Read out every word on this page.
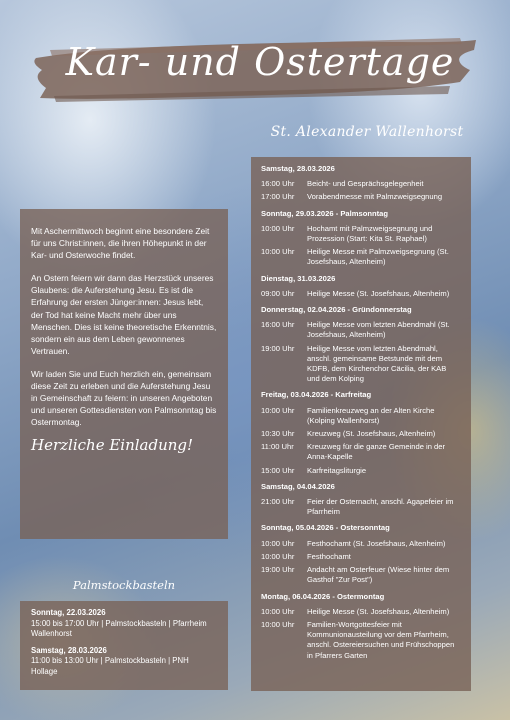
Kar- und Ostertage
St. Alexander Wallenhorst

Mit Aschermittwoch beginnt eine besondere Zeit für uns Christ:innen, die ihren Höhepunkt in der Kar- und Osterwoche findet.

An Ostern feiern wir dann das Herzstück unseres Glaubens: die Auferstehung Jesu. Es ist die Erfahrung der ersten Jünger:innen: Jesus lebt, der Tod hat keine Macht mehr über uns Menschen. Dies ist keine theoretische Erkenntnis, sondern ein aus dem Leben gewonnenes Vertrauen.

Wir laden Sie und Euch herzlich ein, gemeinsam diese Zeit zu erleben und die Auferstehung Jesu in Gemeinschaft zu feiern: in unseren Angeboten und unseren Gottesdiensten von Palmsonntag bis Ostermontag.

Herzliche Einladung!
Palmstockbasteln
Sonntag, 22.03.2026
15:00 bis 17:00 Uhr | Palmstockbasteln | Pfarrheim Wallenhorst
Samstag, 28.03.2026
11:00 bis 13:00 Uhr | Palmstockbasteln | PNH Hollage
Samstag, 28.03.2026
16:00 Uhr	Beicht- und Gesprächsgelegenheit
17:00 Uhr	Vorabendmesse mit Palmzweigsegnung
Sonntag, 29.03.2026 - Palmsonntag
10:00 Uhr	Hochamt mit Palmzweigsegnung und Prozession (Start: Kita St. Raphael)
10:00 Uhr	Heilige Messe mit Palmzweigsegnung (St. Josefshaus, Altenheim)
Dienstag, 31.03.2026
09:00 Uhr	Heilige Messe (St. Josefshaus, Altenheim)
Donnerstag, 02.04.2026 - Gründonnerstag
16:00 Uhr	Heilige Messe vom letzten Abendmahl (St. Josefshaus, Altenheim)
19:00 Uhr	Heilige Messe vom letzten Abendmahl, anschl. gemeinsame Betstunde mit dem KDFB, dem Kirchenchor Cäcilia, der KAB und dem Kolping
Freitag, 03.04.2026 - Karfreitag
10:00 Uhr	Familienkreuzweg an der Alten Kirche (Kolping Wallenhorst)
10:30 Uhr	Kreuzweg (St. Josefshaus, Altenheim)
11:00 Uhr	Kreuzweg für die ganze Gemeinde in der Anna-Kapelle
15:00 Uhr	Karfreitagsliturgie
Samstag, 04.04.2026
21:00 Uhr	Feier der Osternacht, anschl. Agapefeier im Pfarrheim
Sonntag, 05.04.2026 - Ostersonntag
10:00 Uhr	Festhochamt (St. Josefshaus, Altenheim)
10:00 Uhr	Festhochamt
19:00 Uhr	Andacht am Osterfeuer (Wiese hinter dem Gasthof "Zur Post")
Montag, 06.04.2026 - Ostermontag
10:00 Uhr	Heilige Messe (St. Josefshaus, Altenheim)
10:00 Uhr	Familien-Wortgottesfeier mit Kommunionausteilung vor dem Pfarrheim, anschl. Ostereiersuchen und Frühschoppen in Pfarrers Garten
